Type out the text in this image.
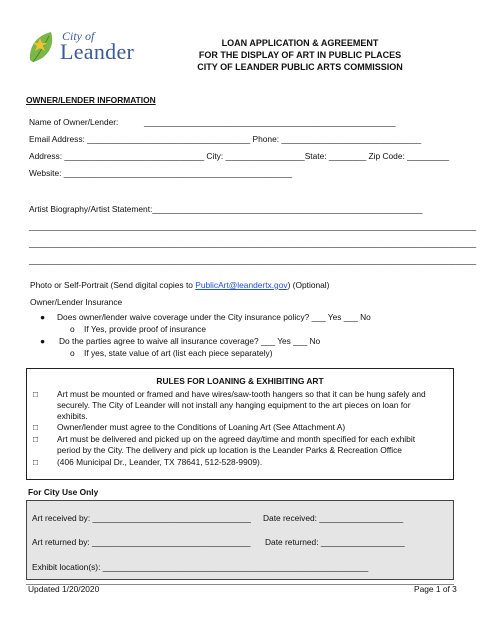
City of
Leander	LOAN APPLICATION & AGREEMENT
FOR THE DISPLAY OF ART IN PUBLIC PLACES
CITY OF LEANDER PUBLIC ARTS COMMISSION
OWNER/LENDER INFORMATION
Name of Owner/Lender:	______________________________________________________
Email Address: ___________________________________ Phone: ______________________________
Address: ______________________________ City: _________________State: ________ Zip Code: _________
Website: _________________________________________________
Artist Biography/Artist Statement:__________________________________________________________
________________________________________________________________________________________________
________________________________________________________________________________________________
________________________________________________________________________________________________
Photo or Self-Portrait (Send digital copies to PublicArt@leandertx.gov) (Optional)
Owner/Lender Insurance
● Does owner/lender waive coverage under the City insurance policy? ___ Yes ___ No
o If Yes, provide proof of insurance
● Do the parties agree to waive all insurance coverage? ___ Yes ___ No
o If yes, state value of art (list each piece separately)
RULES FOR LOANING & EXHIBITING ART
□ Art must be mounted or framed and have wires/saw-tooth hangers so that it can be hung safely and
securely. The City of Leander will not install any hanging equipment to the art pieces on loan for
exhibits.
□ Owner/lender must agree to the Conditions of Loaning Art (See Attachment A)
□ Art must be delivered and picked up on the agreed day/time and month specified for each exhibit
period by the City. The delivery and pick up location is the Leander Parks & Recreation Office
□ (406 Municipal Dr., Leander, TX 78641, 512-528-9909).
For City Use Only
Art received by: __________________________________ Date received: __________________
Art returned by: __________________________________ Date returned: __________________
Exhibit location(s): _________________________________________________________
Updated 1/20/2020	Page 1 of 3
